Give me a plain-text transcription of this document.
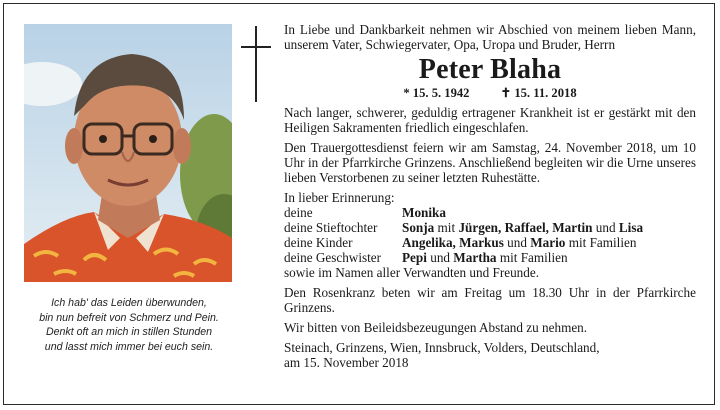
Ich hab' das Leiden überwunden,
bin nun befreit von Schmerz und Pein.
Denkt oft an mich in stillen Stunden
und lasst mich immer bei euch sein.

In Liebe und Dankbarkeit nehmen wir Abschied von meinem lieben Mann, unserem Vater, Schwiegervater, Opa, Uropa und Bruder, Herrn

Peter Blaha
* 15. 5. 1942 ✝ 15. 11. 2018

Nach langer, schwerer, geduldig ertragener Krankheit ist er gestärkt mit den Heiligen Sakramenten friedlich eingeschlafen.

Den Trauergottesdienst feiern wir am Samstag, 24. November 2018, um 10 Uhr in der Pfarrkirche Grinzens. Anschließend begleiten wir die Urne unseres lieben Verstorbenen zu seiner letzten Ruhestätte.

In lieber Erinnerung:

deine	Monika
deine Stieftochter	Sonja mit Jürgen, Raffael, Martin und Lisa
deine Kinder	Angelika, Markus und Mario mit Familien
deine Geschwister	Pepi und Martha mit Familien
sowie im Namen aller Verwandten und Freunde.

Den Rosenkranz beten wir am Freitag um 18.30 Uhr in der Pfarrkirche Grinzens.

Wir bitten von Beileidsbezeugungen Abstand zu nehmen.

Steinach, Grinzens, Wien, Innsbruck, Volders, Deutschland,

am 15. November 2018
